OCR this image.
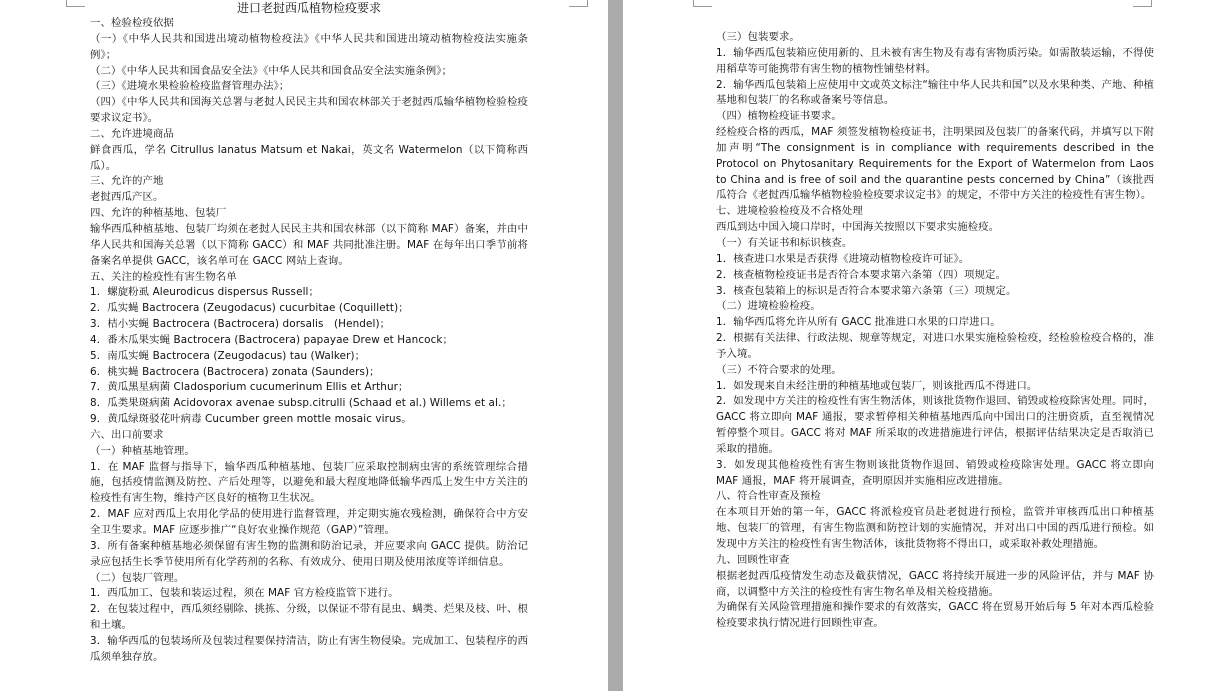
进口老挝西瓜植物检疫要求

一、检验检疫依据

（一）《中华人民共和国进出境动植物检疫法》《中华人民共和国进出境动植物检疫法实施条例》；

（二）《中华人民共和国食品安全法》《中华人民共和国食品安全法实施条例》；

（三）《进境水果检验检疫监督管理办法》；

（四）《中华人民共和国海关总署与老挝人民民主共和国农林部关于老挝西瓜输华植物检验检疫要求议定书》。

二、允许进境商品

鲜食西瓜，学名 Citrullus lanatus Matsum et Nakai，英文名 Watermelon（以下简称西瓜）。

三、允许的产地

老挝西瓜产区。

四、允许的种植基地、包装厂

输华西瓜种植基地、包装厂均须在老挝人民民主共和国农林部（以下简称 MAF）备案，并由中华人民共和国海关总署（以下简称 GACC）和 MAF 共同批准注册。MAF 在每年出口季节前将备案名单提供 GACC，该名单可在 GACC 网站上查询。

五、关注的检疫性有害生物名单

1．螺旋粉虱 Aleurodicus dispersus Russell；

2．瓜实蝇 Bactrocera (Zeugodacus) cucurbitae (Coquillett)；

3．桔小实蝇 Bactrocera (Bactrocera) dorsalis　(Hendel)；

4．番木瓜果实蝇 Bactrocera (Bactrocera) papayae Drew et Hancock；

5．南瓜实蝇 Bactrocera (Zeugodacus) tau (Walker)；

6．桃实蝇 Bactrocera (Bactrocera) zonata (Saunders)；

7．黄瓜黑星病菌 Cladosporium cucumerinum Ellis et Arthur；

8．瓜类果斑病菌 Acidovorax avenae subsp.citrulli (Schaad et al.) Willems et al.；

9．黄瓜绿斑驳花叶病毒 Cucumber green mottle mosaic virus。

六、出口前要求

（一）种植基地管理。

1．在 MAF 监督与指导下，输华西瓜种植基地、包装厂应采取控制病虫害的系统管理综合措施，包括疫情监测及防控、产后处理等，以避免和最大程度地降低输华西瓜上发生中方关注的检疫性有害生物，维持产区良好的植物卫生状况。

2．MAF 应对西瓜上农用化学品的使用进行监督管理，并定期实施农残检测，确保符合中方安全卫生要求。MAF 应逐步推广“良好农业操作规范（GAP）”管理。

3．所有备案种植基地必须保留有害生物的监测和防治记录，并应要求向 GACC 提供。防治记录应包括生长季节使用所有化学药剂的名称、有效成分、使用日期及使用浓度等详细信息。

（二）包装厂管理。

1．西瓜加工、包装和装运过程，须在 MAF 官方检疫监管下进行。

2．在包装过程中，西瓜须经剔除、挑拣、分级，以保证不带有昆虫、螨类、烂果及枝、叶、根和土壤。

3．输华西瓜的包装场所及包装过程要保持清洁，防止有害生物侵染。完成加工、包装程序的西瓜须单独存放。

（三）包装要求。

1．输华西瓜包装箱应使用新的、且未被有害生物及有毒有害物质污染。如需散装运输，不得使用稻草等可能携带有害生物的植物性铺垫材料。

2．输华西瓜包装箱上应使用中文或英文标注“输往中华人民共和国”以及水果种类、产地、种植基地和包装厂的名称或备案号等信息。

（四）植物检疫证书要求。

经检疫合格的西瓜，MAF 须签发植物检疫证书，注明果园及包装厂的备案代码，并填写以下附加声明“The consignment is in compliance with requirements described in the Protocol on Phytosanitary Requirements for the Export of Watermelon from Laos to China and is free of soil and the quarantine pests concerned by China”（该批西瓜符合《老挝西瓜输华植物检验检疫要求议定书》的规定，不带中方关注的检疫性有害生物）。

七、进境检验检疫及不合格处理

西瓜到达中国入境口岸时，中国海关按照以下要求实施检疫。

（一）有关证书和标识核查。

1．核查进口水果是否获得《进境动植物检疫许可证》。

2．核查植物检疫证书是否符合本要求第六条第（四）项规定。

3．核查包装箱上的标识是否符合本要求第六条第（三）项规定。

（二）进境检验检疫。

1．输华西瓜将允许从所有 GACC 批准进口水果的口岸进口。

2．根据有关法律、行政法规、规章等规定，对进口水果实施检验检疫，经检验检疫合格的，准予入境。

（三）不符合要求的处理。

1．如发现来自未经注册的种植基地或包装厂，则该批西瓜不得进口。

2．如发现中方关注的检疫性有害生物活体，则该批货物作退回、销毁或检疫除害处理。同时，GACC 将立即向 MAF 通报，要求暂停相关种植基地西瓜向中国出口的注册资质，直至视情况暂停整个项目。GACC 将对 MAF 所采取的改进措施进行评估，根据评估结果决定是否取消已采取的措施。

3．如发现其他检疫性有害生物则该批货物作退回、销毁或检疫除害处理。GACC 将立即向 MAF 通报，MAF 将开展调查，查明原因并实施相应改进措施。

八、符合性审查及预检

在本项目开始的第一年，GACC 将派检疫官员赴老挝进行预检，监管并审核西瓜出口种植基地、包装厂的管理，有害生物监测和防控计划的实施情况，并对出口中国的西瓜进行预检。如发现中方关注的检疫性有害生物活体，该批货物将不得出口，或采取补救处理措施。

九、回顾性审查

根据老挝西瓜疫情发生动态及截获情况，GACC 将持续开展进一步的风险评估，并与 MAF 协商，以调整中方关注的检疫性有害生物名单及相关检疫措施。

为确保有关风险管理措施和操作要求的有效落实，GACC 将在贸易开始后每 5 年对本西瓜检验检疫要求执行情况进行回顾性审查。
